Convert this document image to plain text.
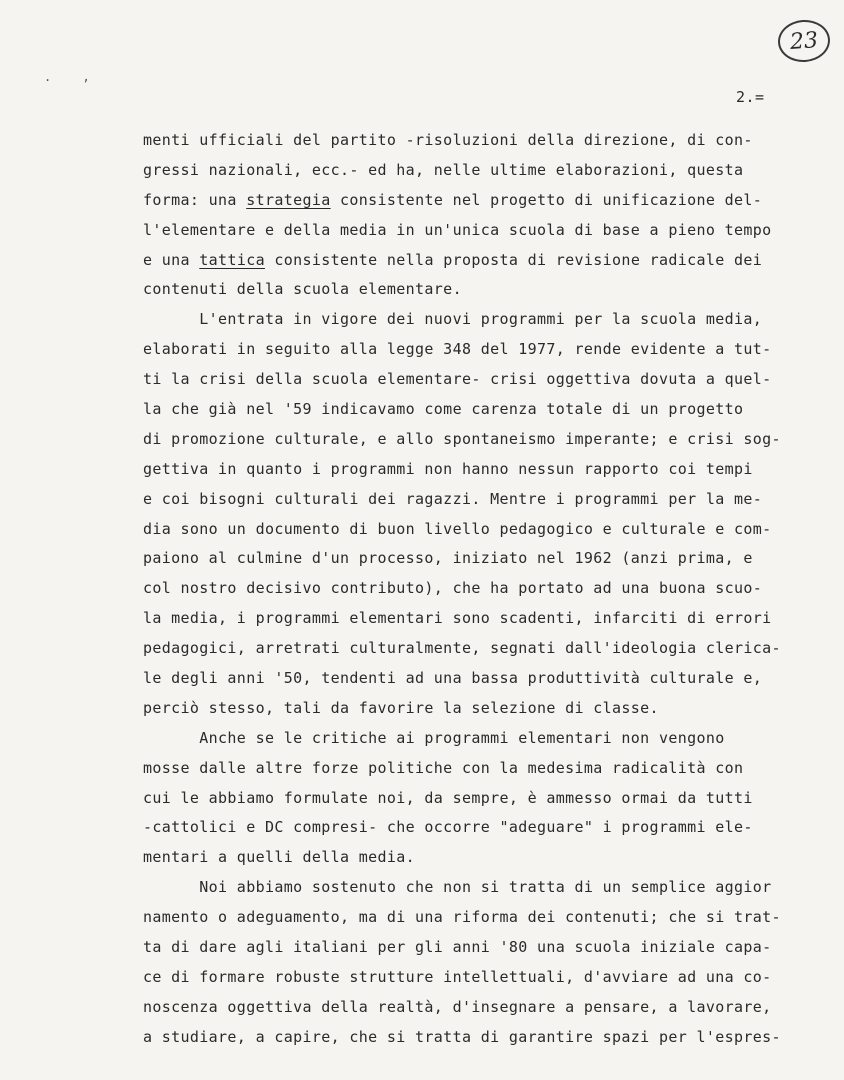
23
. ,
2.=
menti ufficiali del partito -risoluzioni della direzione, di con-
gressi nazionali, ecc.- ed ha, nelle ultime elaborazioni, questa
forma: una strategia consistente nel progetto di unificazione del-
l'elementare e della media in un'unica scuola di base a pieno tempo
e una tattica consistente nella proposta di revisione radicale dei
contenuti della scuola elementare.
L'entrata in vigore dei nuovi programmi per la scuola media,
elaborati in seguito alla legge 348 del 1977, rende evidente a tut-
ti la crisi della scuola elementare- crisi oggettiva dovuta a quel-
la che già nel '59 indicavamo come carenza totale di un progetto
di promozione culturale, e allo spontaneismo imperante; e crisi sog-
gettiva in quanto i programmi non hanno nessun rapporto coi tempi
e coi bisogni culturali dei ragazzi. Mentre i programmi per la me-
dia sono un documento di buon livello pedagogico e culturale e com-
paiono al culmine d'un processo, iniziato nel 1962 (anzi prima, e
col nostro decisivo contributo), che ha portato ad una buona scuo-
la media, i programmi elementari sono scadenti, infarciti di errori
pedagogici, arretrati culturalmente, segnati dall'ideologia clerica-
le degli anni '50, tendenti ad una bassa produttività culturale e,
perciò stesso, tali da favorire la selezione di classe.
Anche se le critiche ai programmi elementari non vengono
mosse dalle altre forze politiche con la medesima radicalità con
cui le abbiamo formulate noi, da sempre, è ammesso ormai da tutti
-cattolici e DC compresi- che occorre "adeguare" i programmi ele-
mentari a quelli della media.
Noi abbiamo sostenuto che non si tratta di un semplice aggior
namento o adeguamento, ma di una riforma dei contenuti; che si trat-
ta di dare agli italiani per gli anni '80 una scuola iniziale capa-
ce di formare robuste strutture intellettuali, d'avviare ad una co-
noscenza oggettiva della realtà, d'insegnare a pensare, a lavorare,
a studiare, a capire, che si tratta di garantire spazi per l'espres-
